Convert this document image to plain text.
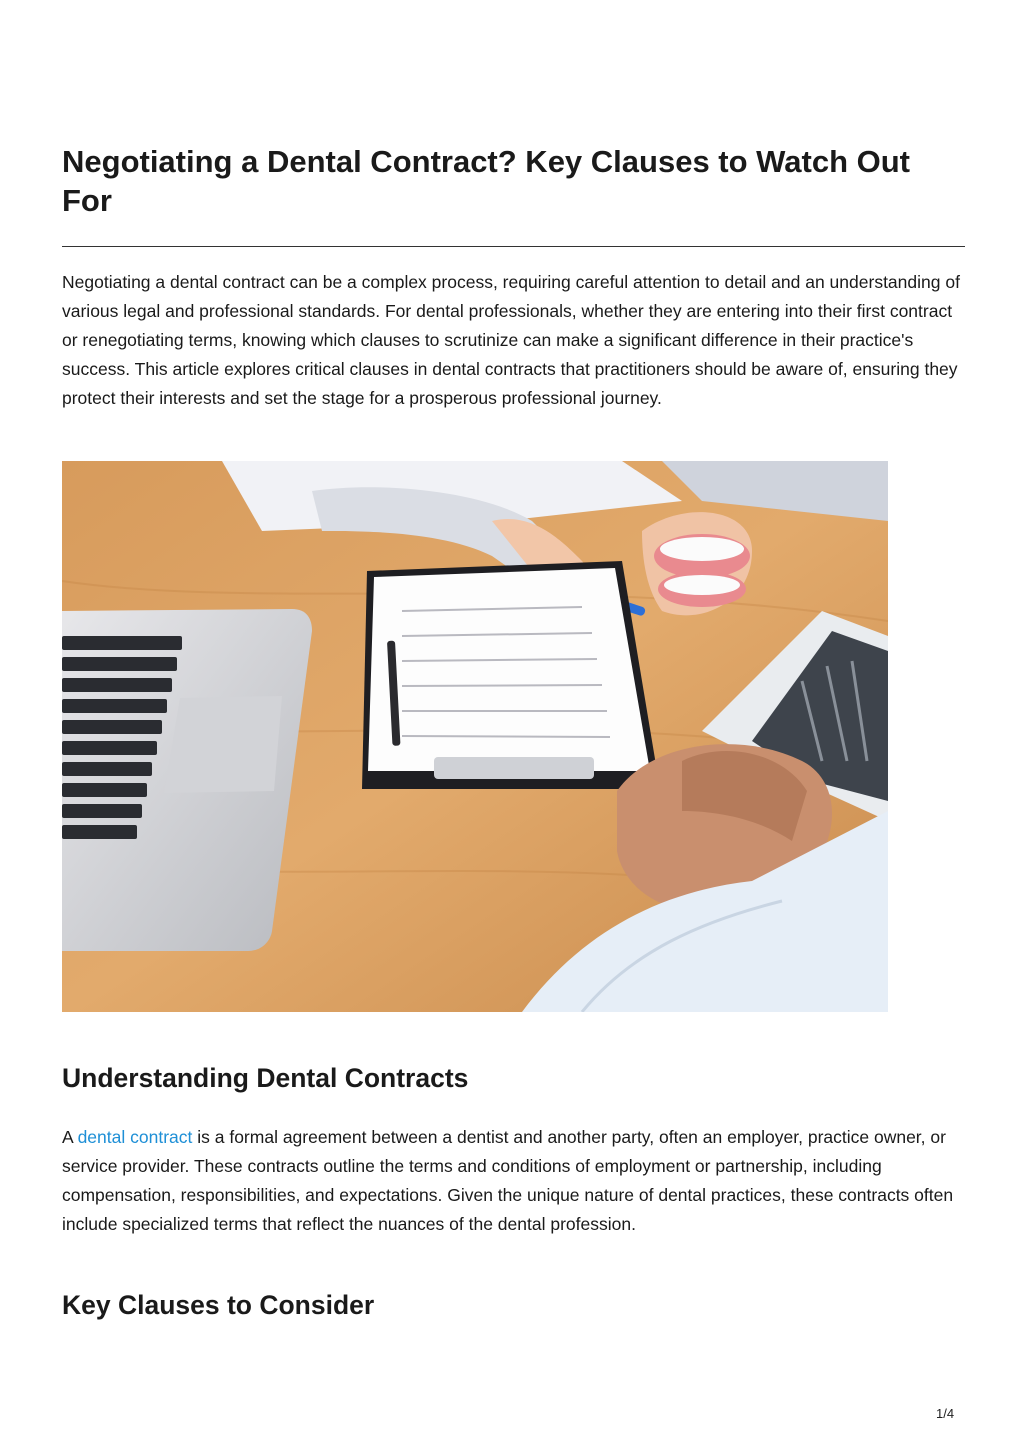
Negotiating a Dental Contract? Key Clauses to Watch Out For

Negotiating a dental contract can be a complex process, requiring careful attention to detail and an understanding of various legal and professional standards. For dental professionals, whether they are entering into their first contract or renegotiating terms, knowing which clauses to scrutinize can make a significant difference in their practice's success. This article explores critical clauses in dental contracts that practitioners should be aware of, ensuring they protect their interests and set the stage for a prosperous professional journey.

Understanding Dental Contracts

A dental contract is a formal agreement between a dentist and another party, often an employer, practice owner, or service provider. These contracts outline the terms and conditions of employment or partnership, including compensation, responsibilities, and expectations. Given the unique nature of dental practices, these contracts often include specialized terms that reflect the nuances of the dental profession.

Key Clauses to Consider
1/4
